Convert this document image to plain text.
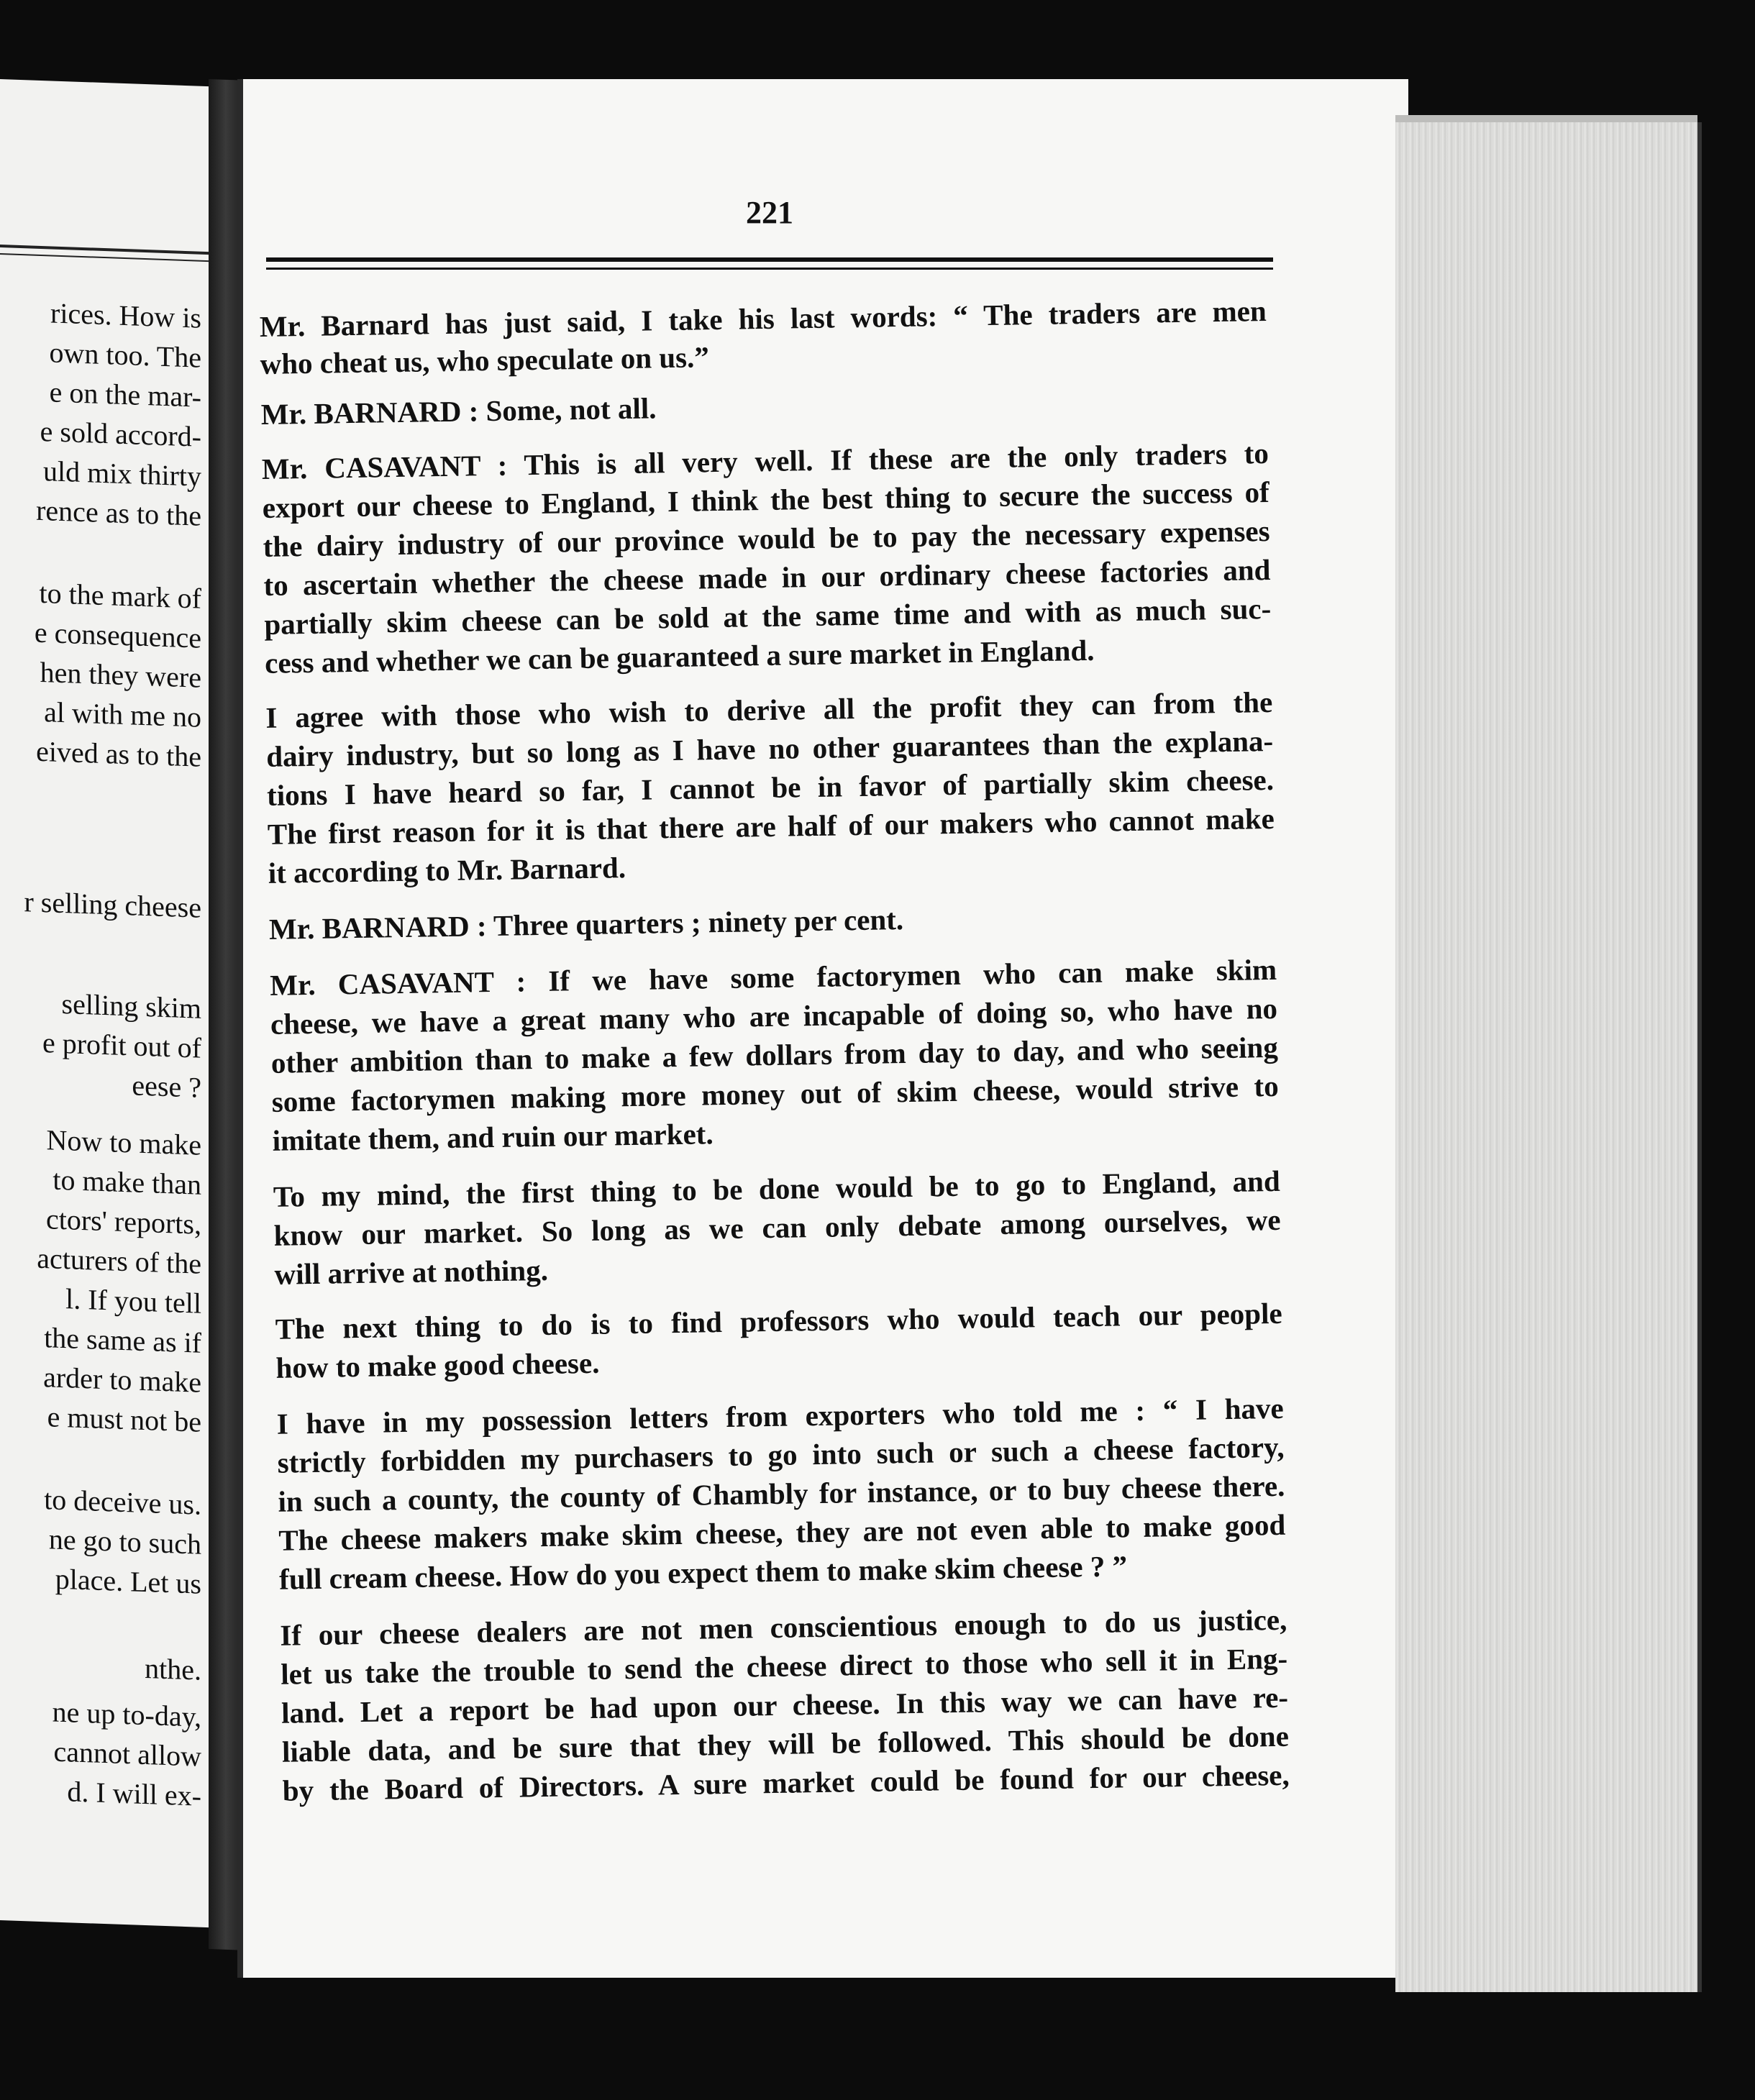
rices. How is
own too. The
e on the mar-
e sold accord-
uld mix thirty
rence as to the
to the mark of
e consequence
hen they were
al with me no
eived as to the
r selling cheese
selling skim
e profit out of
eese ?
Now to make
to make than
ctors' reports,
acturers of the
l. If you tell
the same as if
arder to make
e must not be
to deceive us.
ne go to such
place. Let us
nthe.
ne up to-day,
cannot allow
d. I will ex-
221
Mr. Barnard has just said, I take his last words: “ The traders are men
who cheat us, who speculate on us.”
Mr. BARNARD : Some, not all.
Mr. CASAVANT : This is all very well. If these are the only traders to
export our cheese to England, I think the best thing to secure the success of
the dairy industry of our province would be to pay the necessary expenses
to ascertain whether the cheese made in our ordinary cheese factories and
partially skim cheese can be sold at the same time and with as much suc-
cess and whether we can be guaranteed a sure market in England.
I agree with those who wish to derive all the profit they can from the
dairy industry, but so long as I have no other guarantees than the explana-
tions I have heard so far, I cannot be in favor of partially skim cheese.
The first reason for it is that there are half of our makers who cannot make
it according to Mr. Barnard.
Mr. BARNARD : Three quarters ; ninety per cent.
Mr. CASAVANT : If we have some factorymen who can make skim
cheese, we have a great many who are incapable of doing so, who have no
other ambition than to make a few dollars from day to day, and who seeing
some factorymen making more money out of skim cheese, would strive to
imitate them, and ruin our market.
To my mind, the first thing to be done would be to go to England, and
know our market. So long as we can only debate among ourselves, we
will arrive at nothing.
The next thing to do is to find professors who would teach our people
how to make good cheese.
I have in my possession letters from exporters who told me : “ I have
strictly forbidden my purchasers to go into such or such a cheese factory,
in such a county, the county of Chambly for instance, or to buy cheese there.
The cheese makers make skim cheese, they are not even able to make good
full cream cheese. How do you expect them to make skim cheese ? ”
If our cheese dealers are not men conscientious enough to do us justice,
let us take the trouble to send the cheese direct to those who sell it in Eng-
land. Let a report be had upon our cheese. In this way we can have re-
liable data, and be sure that they will be followed. This should be done
by the Board of Directors. A sure market could be found for our cheese,
